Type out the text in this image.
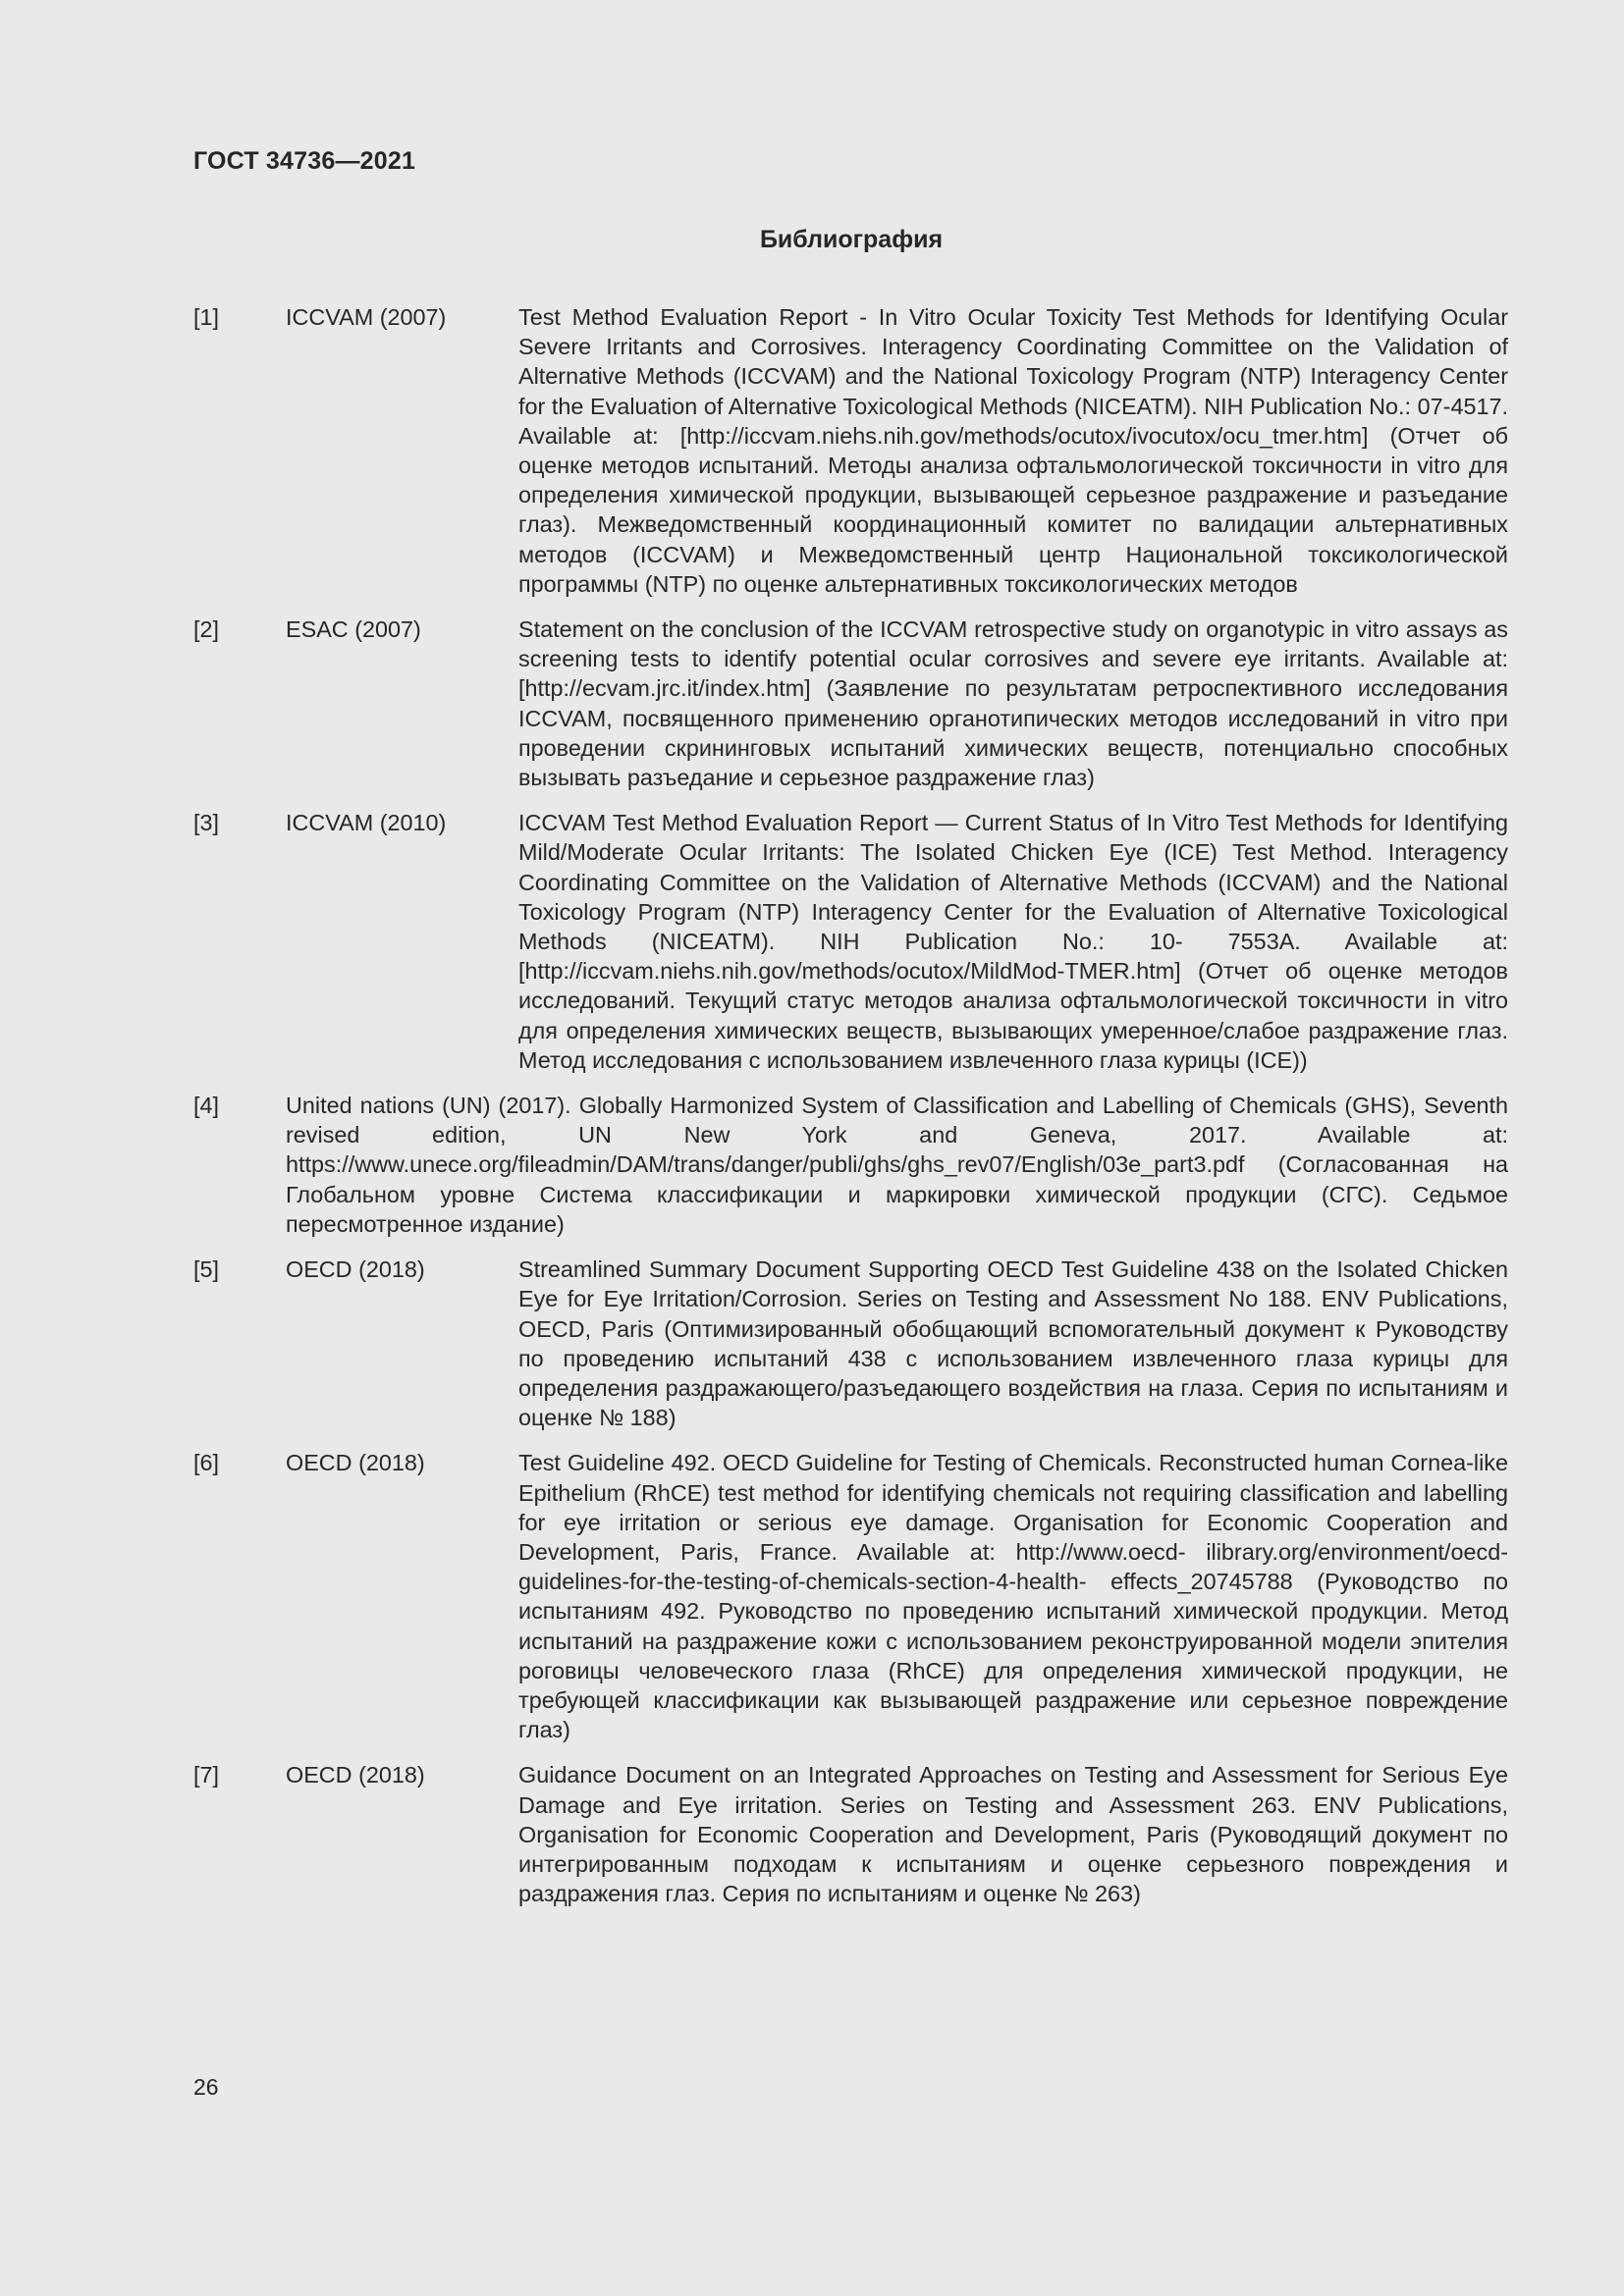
ГОСТ 34736—2021
Библиография
[1]	ICCVAM (2007)	Test Method Evaluation Report - In Vitro Ocular Toxicity Test Methods for Identifying Ocular Severe Irritants and Corrosives. Interagency Coordinating Committee on the Validation of Alternative Methods (ICCVAM) and the National Toxicology Program (NTP) Interagency Center for the Evaluation of Alternative Toxicological Methods (NICEATM). NIH Publication No.: 07-4517. Available at: [http://iccvam.niehs.nih.gov/methods/ocutox/ivocutox/ocu_tmer.htm] (Отчет об оценке методов испытаний. Методы анализа офтальмологической токсичности in vitro для определения химической продукции, вызывающей серьезное раздражение и разъедание глаз). Межведомственный координационный комитет по валидации альтернативных методов (ICCVAM) и Межведомственный центр Национальной токсикологической программы (NTP) по оценке альтернативных токсикологических методов
[2]	ESAC (2007)	Statement on the conclusion of the ICCVAM retrospective study on organotypic in vitro assays as screening tests to identify potential ocular corrosives and severe eye irritants. Available at: [http://ecvam.jrc.it/index.htm] (Заявление по результатам ретроспективного исследования ICCVAM, посвященного применению органотипических методов исследований in vitro при проведении скрининговых испытаний химических веществ, потенциально способных вызывать разъедание и серьезное раздражение глаз)
[3]	ICCVAM (2010)	ICCVAM Test Method Evaluation Report — Current Status of In Vitro Test Methods for Identifying Mild/Moderate Ocular Irritants: The Isolated Chicken Eye (ICE) Test Method. Interagency Coordinating Committee on the Validation of Alternative Methods (ICCVAM) and the National Toxicology Program (NTP) Interagency Center for the Evaluation of Alternative Toxicological Methods (NICEATM). NIH Publication No.: 10- 7553A. Available at: [http://iccvam.niehs.nih.gov/methods/ocutox/MildMod-TMER.htm] (Отчет об оценке методов исследований. Текущий статус методов анализа офтальмологической токсичности in vitro для определения химических веществ, вызывающих умеренное/слабое раздражение глаз. Метод исследования с использованием извлеченного глаза курицы (ICE))
[4]	United nations (UN) (2017). Globally Harmonized System of Classification and Labelling of Chemicals (GHS), Seventh revised edition, UN New York and Geneva, 2017. Available at: https://www.unece.org/fileadmin/DAM/trans/danger/publi/ghs/ghs_rev07/English/03e_part3.pdf (Согласованная на Глобальном уровне Система классификации и маркировки химической продукции (СГС). Седьмое пересмотренное издание)
[5]	OECD (2018)	Streamlined Summary Document Supporting OECD Test Guideline 438 on the Isolated Chicken Eye for Eye Irritation/Corrosion. Series on Testing and Assessment No 188. ENV Publications, OECD, Paris (Оптимизированный обобщающий вспомогательный документ к Руководству по проведению испытаний 438 с использованием извлеченного глаза курицы для определения раздражающего/разъедающего воздействия на глаза. Серия по испытаниям и оценке № 188)
[6]	OECD (2018)	Test Guideline 492. OECD Guideline for Testing of Chemicals. Reconstructed human Cornea-like Epithelium (RhCE) test method for identifying chemicals not requiring classification and labelling for eye irritation or serious eye damage. Organisation for Economic Cooperation and Development, Paris, France. Available at: http://www.oecd- ilibrary.org/environment/oecd-guidelines-for-the-testing-of-chemicals-section-4-health- effects_20745788 (Руководство по испытаниям 492. Руководство по проведению испытаний химической продукции. Метод испытаний на раздражение кожи с использованием реконструированной модели эпителия роговицы человеческого глаза (RhCE) для определения химической продукции, не требующей классификации как вызывающей раздражение или серьезное повреждение глаз)
[7]	OECD (2018)	Guidance Document on an Integrated Approaches on Testing and Assessment for Serious Eye Damage and Eye irritation. Series on Testing and Assessment 263. ENV Publications, Organisation for Economic Cooperation and Development, Paris (Руководящий документ по интегрированным подходам к испытаниям и оценке серьезного повреждения и раздражения глаз. Серия по испытаниям и оценке № 263)
26
